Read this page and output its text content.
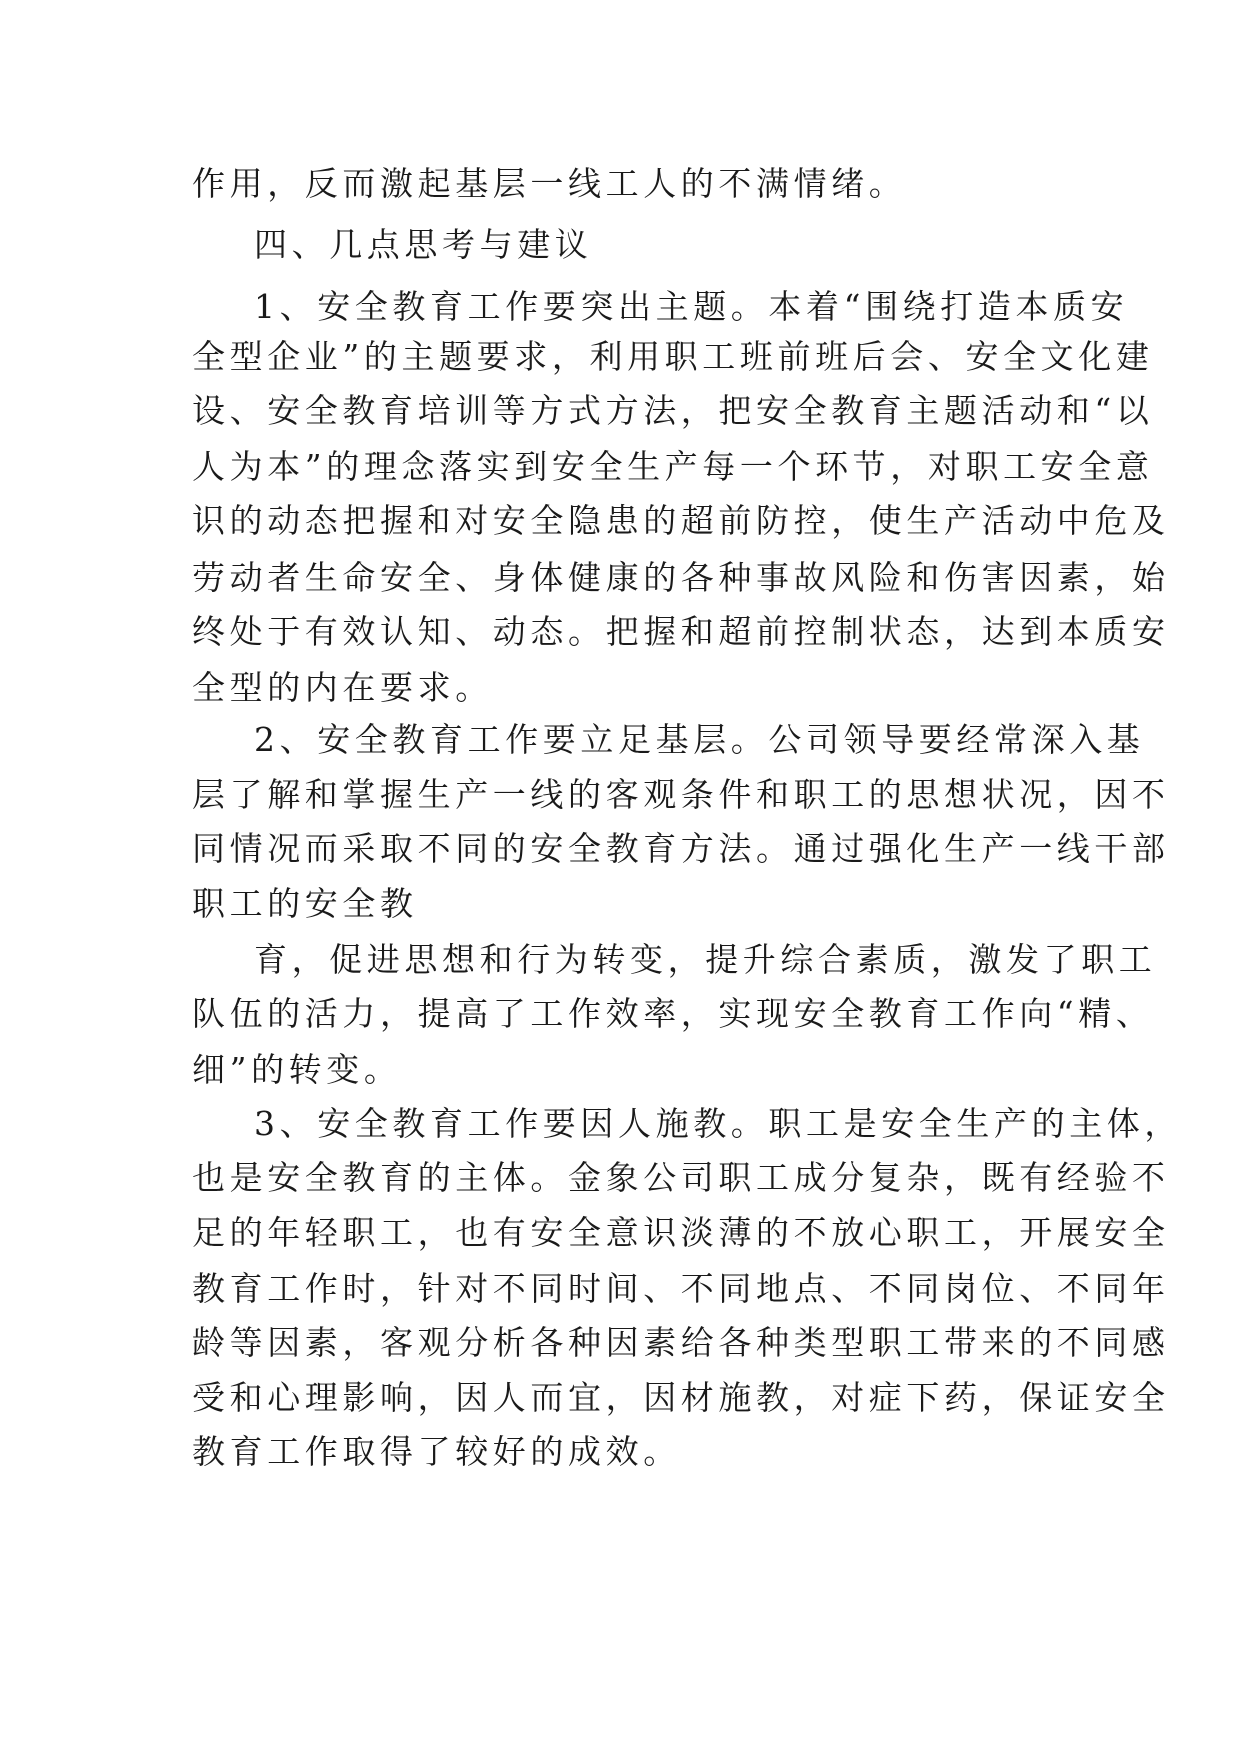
作用，反而激起基层一线工人的不满情绪。
四、几点思考与建议
1、安全教育工作要突出主题。本着“围绕打造本质安
全型企业”的主题要求，利用职工班前班后会、安全文化建
设、安全教育培训等方式方法，把安全教育主题活动和“以
人为本”的理念落实到安全生产每一个环节，对职工安全意
识的动态把握和对安全隐患的超前防控，使生产活动中危及
劳动者生命安全、身体健康的各种事故风险和伤害因素，始
终处于有效认知、动态。把握和超前控制状态，达到本质安
全型的内在要求。
2、安全教育工作要立足基层。公司领导要经常深入基
层了解和掌握生产一线的客观条件和职工的思想状况，因不
同情况而采取不同的安全教育方法。通过强化生产一线干部
职工的安全教
育，促进思想和行为转变，提升综合素质，激发了职工
队伍的活力，提高了工作效率，实现安全教育工作向“精、
细”的转变。
3、安全教育工作要因人施教。职工是安全生产的主体，
也是安全教育的主体。金象公司职工成分复杂，既有经验不
足的年轻职工，也有安全意识淡薄的不放心职工，开展安全
教育工作时，针对不同时间、不同地点、不同岗位、不同年
龄等因素，客观分析各种因素给各种类型职工带来的不同感
受和心理影响，因人而宜，因材施教，对症下药，保证安全
教育工作取得了较好的成效。
